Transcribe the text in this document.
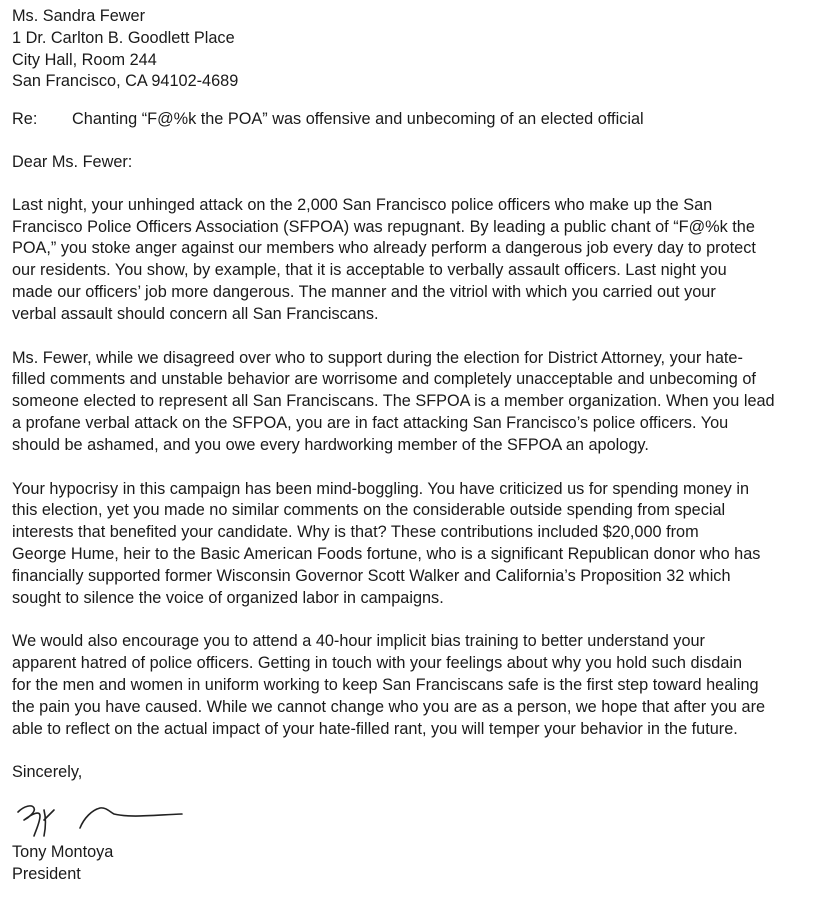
Ms. Sandra Fewer
1 Dr. Carlton B. Goodlett Place
City Hall, Room 244
San Francisco, CA 94102-4689
Re:	Chanting “F@%k the POA” was offensive and unbecoming of an elected official
Dear Ms. Fewer:
Last night, your unhinged attack on the 2,000 San Francisco police officers who make up the San
Francisco Police Officers Association (SFPOA) was repugnant. By leading a public chant of “F@%k the
POA,” you stoke anger against our members who already perform a dangerous job every day to protect
our residents. You show, by example, that it is acceptable to verbally assault officers. Last night you
made our officers’ job more dangerous. The manner and the vitriol with which you carried out your
verbal assault should concern all San Franciscans.
Ms. Fewer, while we disagreed over who to support during the election for District Attorney, your hate-
filled comments and unstable behavior are worrisome and completely unacceptable and unbecoming of
someone elected to represent all San Franciscans. The SFPOA is a member organization. When you lead
a profane verbal attack on the SFPOA, you are in fact attacking San Francisco’s police officers. You
should be ashamed, and you owe every hardworking member of the SFPOA an apology.
Your hypocrisy in this campaign has been mind-boggling. You have criticized us for spending money in
this election, yet you made no similar comments on the considerable outside spending from special
interests that benefited your candidate. Why is that? These contributions included $20,000 from
George Hume, heir to the Basic American Foods fortune, who is a significant Republican donor who has
financially supported former Wisconsin Governor Scott Walker and California’s Proposition 32 which
sought to silence the voice of organized labor in campaigns.
We would also encourage you to attend a 40-hour implicit bias training to better understand your
apparent hatred of police officers. Getting in touch with your feelings about why you hold such disdain
for the men and women in uniform working to keep San Franciscans safe is the first step toward healing
the pain you have caused. While we cannot change who you are as a person, we hope that after you are
able to reflect on the actual impact of your hate-filled rant, you will temper your behavior in the future.
Sincerely,
Tony Montoya
President
